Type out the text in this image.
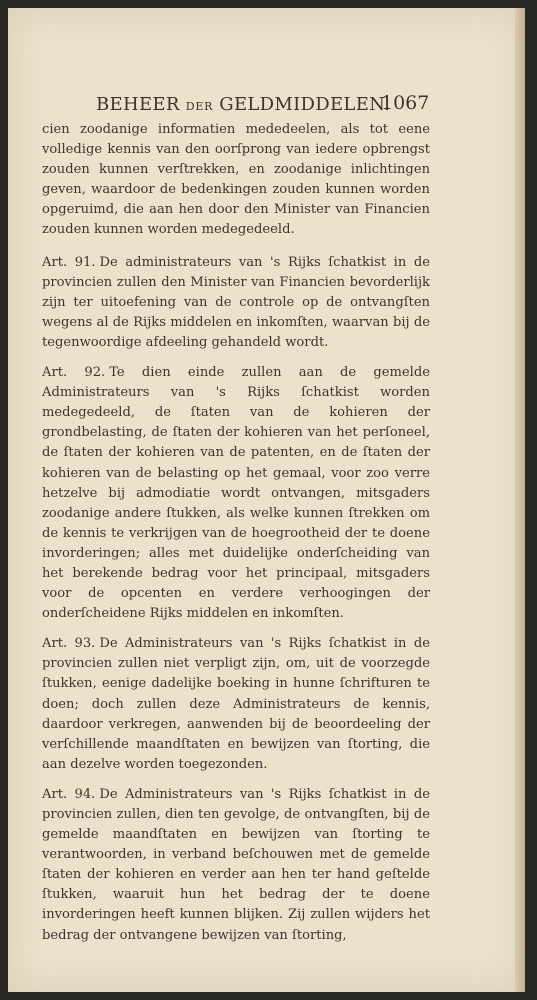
BEHEER DER GELDMIDDELEN.
1067

cien zoodanige informatien mededeelen, als tot eene volledige kennis van den oorſprong van iedere opbrengst zouden kunnen verſtrekken, en zoodanige inlichtingen geven, waardoor de bedenkingen zouden kunnen worden opgeruimd, die aan hen door den Minister van Financien zouden kunnen worden medegedeeld.

Art. 91. De administrateurs van 's Rijks ſchatkist in de provincien zullen den Minister van Financien bevorderlijk zijn ter uitoefening van de controle op de ontvangſten wegens al de Rijks middelen en inkomſten, waarvan bij de tegenwoordige afdeeling gehandeld wordt.

Art. 92. Te dien einde zullen aan de gemelde Administrateurs van 's Rijks ſchatkist worden medegedeeld, de ſtaten van de kohieren der grondbelasting, de ſtaten der kohieren van het perſoneel, de ſtaten der kohieren van de patenten, en de ſtaten der kohieren van de belasting op het gemaal, voor zoo verre hetzelve bij admodiatie wordt ontvangen, mitsgaders zoodanige andere ſtukken, als welke kunnen ſtrekken om de kennis te verkrijgen van de hoegrootheid der te doene invorderingen; alles met duidelijke onderſcheiding van het berekende bedrag voor het principaal, mitsgaders voor de opcenten en verdere verhoogingen der onderſcheidene Rijks middelen en inkomſten.

Art. 93. De Administrateurs van 's Rijks ſchatkist in de provincien zullen niet verpligt zijn, om, uit de voorzegde ſtukken, eenige dadelijke boeking in hunne ſchrifturen te doen; doch zullen deze Administrateurs de kennis, daardoor verkregen, aanwenden bij de beoordeeling der verſchillende maandſtaten en bewijzen van ſtorting, die aan dezelve worden toegezonden.

Art. 94. De Administrateurs van 's Rijks ſchatkist in de provincien zullen, dien ten gevolge, de ontvangſten, bij de gemelde maandſtaten en bewijzen van ſtorting te verantwoorden, in verband beſchouwen met de gemelde ſtaten der kohieren en verder aan hen ter hand geſtelde ſtukken, waaruit hun het bedrag der te doene invorderingen heeft kunnen blijken. Zij zullen wijders het bedrag der ontvangene bewijzen van ſtorting,
